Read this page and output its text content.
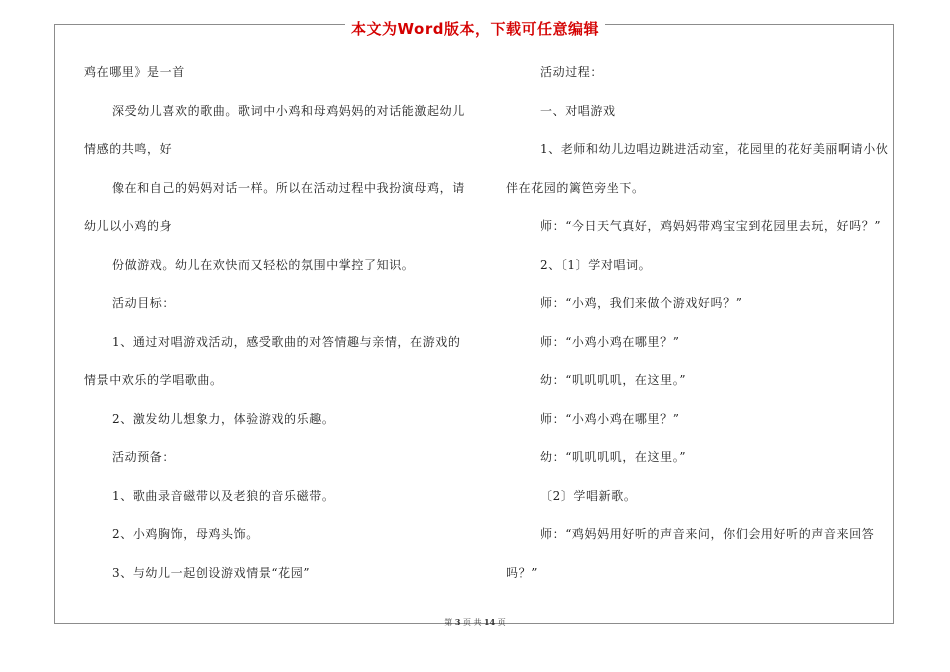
本文为Word版本，下载可任意编辑
鸡在哪里》是一首
深受幼儿喜欢的歌曲。歌词中小鸡和母鸡妈妈的对话能激起幼儿
情感的共鸣，好
像在和自己的妈妈对话一样。所以在活动过程中我扮演母鸡，请
幼儿以小鸡的身
份做游戏。幼儿在欢快而又轻松的氛围中掌控了知识。
活动目标：
1、通过对唱游戏活动，感受歌曲的对答情趣与亲情，在游戏的
情景中欢乐的学唱歌曲。
2、激发幼儿想象力，体验游戏的乐趣。
活动预备：
1、歌曲录音磁带以及老狼的音乐磁带。
2、小鸡胸饰，母鸡头饰。
3、与幼儿一起创设游戏情景“花园”
活动过程：
一、对唱游戏
1、老师和幼儿边唱边跳进活动室，花园里的花好美丽啊请小伙
伴在花园的篱笆旁坐下。
师：“今日天气真好，鸡妈妈带鸡宝宝到花园里去玩，好吗？”
2、〔1〕学对唱词。
师：“小鸡，我们来做个游戏好吗？”
师：“小鸡小鸡在哪里？”
幼：“叽叽叽叽，在这里。”
师：“小鸡小鸡在哪里？”
幼：“叽叽叽叽，在这里。”
〔2〕学唱新歌。
师：“鸡妈妈用好听的声音来问，你们会用好听的声音来回答
吗？”
第 3 页 共 14 页
